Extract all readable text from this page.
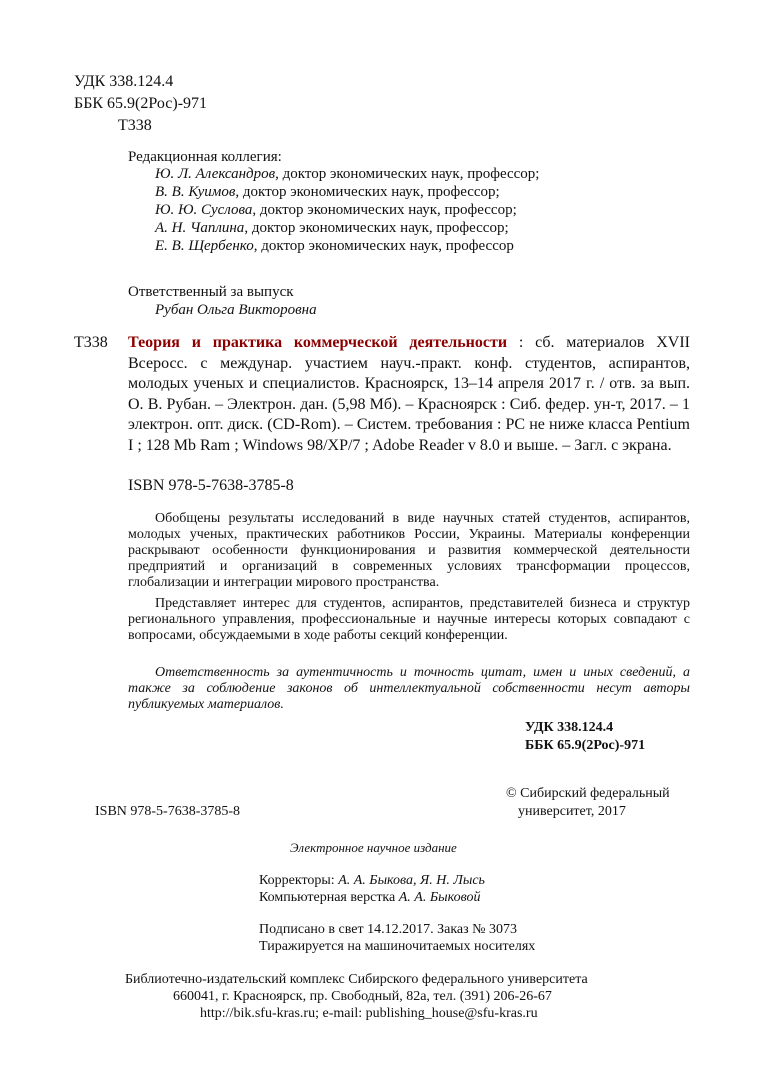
УДК 338.124.4
ББК 65.9(2Рос)-971
Т338
Редакционная коллегия:
Ю. Л. Александров, доктор экономических наук, профессор;
В. В. Куимов, доктор экономических наук, профессор;
Ю. Ю. Суслова, доктор экономических наук, профессор;
А. Н. Чаплина, доктор экономических наук, профессор;
Е. В. Щербенко, доктор экономических наук, профессор
Ответственный за выпуск
Рубан Ольга Викторовна
Т338 Теория и практика коммерческой деятельности : сб. материалов XVII Всеросс. с междунар. участием науч.-практ. конф. студентов, аспирантов, молодых ученых и специалистов. Красноярск, 13–14 апреля 2017 г. / отв. за вып. О. В. Рубан. – Электрон. дан. (5,98 Мб). – Красноярск : Сиб. федер. ун-т, 2017. – 1 электрон. опт. диск. (CD-Rom). – Систем. требования : PC не ниже класса Pentium I ; 128 Mb Ram ; Windows 98/XP/7 ; Adobe Reader v 8.0 и выше. – Загл. с экрана.
ISBN 978-5-7638-3785-8
Обобщены результаты исследований в виде научных статей студентов, аспирантов, молодых ученых, практических работников России, Украины. Материалы конференции раскрывают особенности функционирования и развития коммерческой деятельности предприятий и организаций в современных условиях трансформации процессов, глобализации и интеграции мирового пространства.
Представляет интерес для студентов, аспирантов, представителей бизнеса и структур регионального управления, профессиональные и научные интересы которых совпадают с вопросами, обсуждаемыми в ходе работы секций конференции.
Ответственность за аутентичность и точность цитат, имен и иных сведений, а также за соблюдение законов об интеллектуальной собственности несут авторы публикуемых материалов.
УДК 338.124.4
ББК 65.9(2Рос)-971
© Сибирский федеральный
университет, 2017
ISBN 978-5-7638-3785-8
Электронное научное издание
Корректоры: А. А. Быкова, Я. Н. Лысь
Компьютерная верстка А. А. Быковой
Подписано в свет 14.12.2017. Заказ № 3073
Тиражируется на машиночитаемых носителях
Библиотечно-издательский комплекс Сибирского федерального университета
660041, г. Красноярск, пр. Свободный, 82а, тел. (391) 206-26-67
http://bik.sfu-kras.ru; e-mail: publishing_house@sfu-kras.ru
